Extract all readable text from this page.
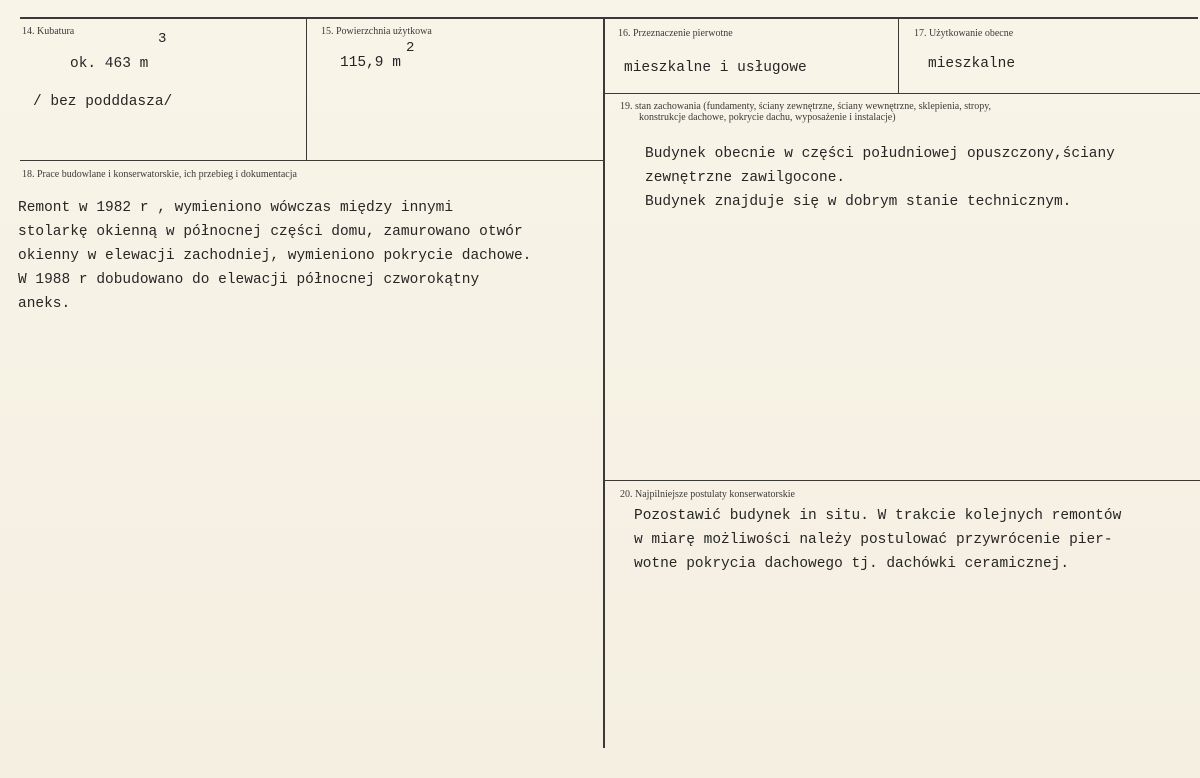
14. Kubatura	3
ok. 463 m
/ bez podddasza/
15. Powierzchnia użytkowa
2
115,9 m
16. Przeznaczenie pierwotne
mieszkalne i usługowe
17. Użytkowanie obecne
mieszkalne
18. Prace budowlane i konserwatorskie, ich przebieg i dokumentacja
Remont w 1982 r , wymieniono wówczas między innymi
stolarkę okienną w północnej części domu, zamurowano otwór
okienny w elewacji zachodniej, wymieniono pokrycie dachowe.
W 1988 r dobudowano do elewacji północnej czworokątny
aneks.
19. stan zachowania (fundamenty, ściany zewnętrzne, ściany wewnętrzne, sklepienia, stropy,
konstrukcje dachowe, pokrycie dachu, wyposażenie i instalacje)
Budynek obecnie w części południowej opuszczony,ściany
zewnętrzne zawilgocone.
Budynek znajduje się w dobrym stanie technicznym.
20. Najpilniejsze postulaty konserwatorskie
Pozostawić budynek in situ. W trakcie kolejnych remontów
w miarę możliwości należy postulować przywrócenie pier-
wotne pokrycia dachowego tj. dachówki ceramicznej.
